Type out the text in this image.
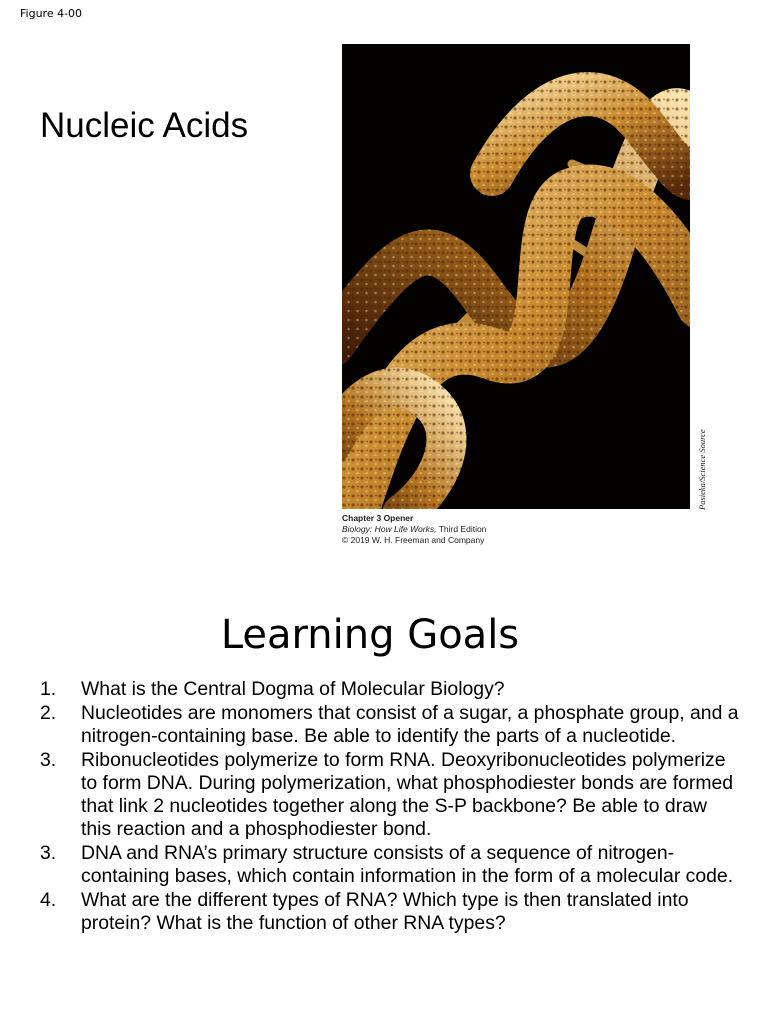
Figure 4-00
Nucleic Acids
Pasieka/Science Source
Chapter 3 Opener
Biology: How Life Works, Third Edition
© 2019 W. H. Freeman and Company
Learning Goals
1. What is the Central Dogma of Molecular Biology?
2. Nucleotides are monomers that consist of a sugar, a phosphate group, and a nitrogen-containing base. Be able to identify the parts of a nucleotide.
3. Ribonucleotides polymerize to form RNA. Deoxyribonucleotides polymerize to form DNA. During polymerization, what phosphodiester bonds are formed that link 2 nucleotides together along the S-P backbone? Be able to draw this reaction and a phosphodiester bond.
3. DNA and RNA’s primary structure consists of a sequence of nitrogen-containing bases, which contain information in the form of a molecular code.
4. What are the different types of RNA? Which type is then translated into protein? What is the function of other RNA types?
